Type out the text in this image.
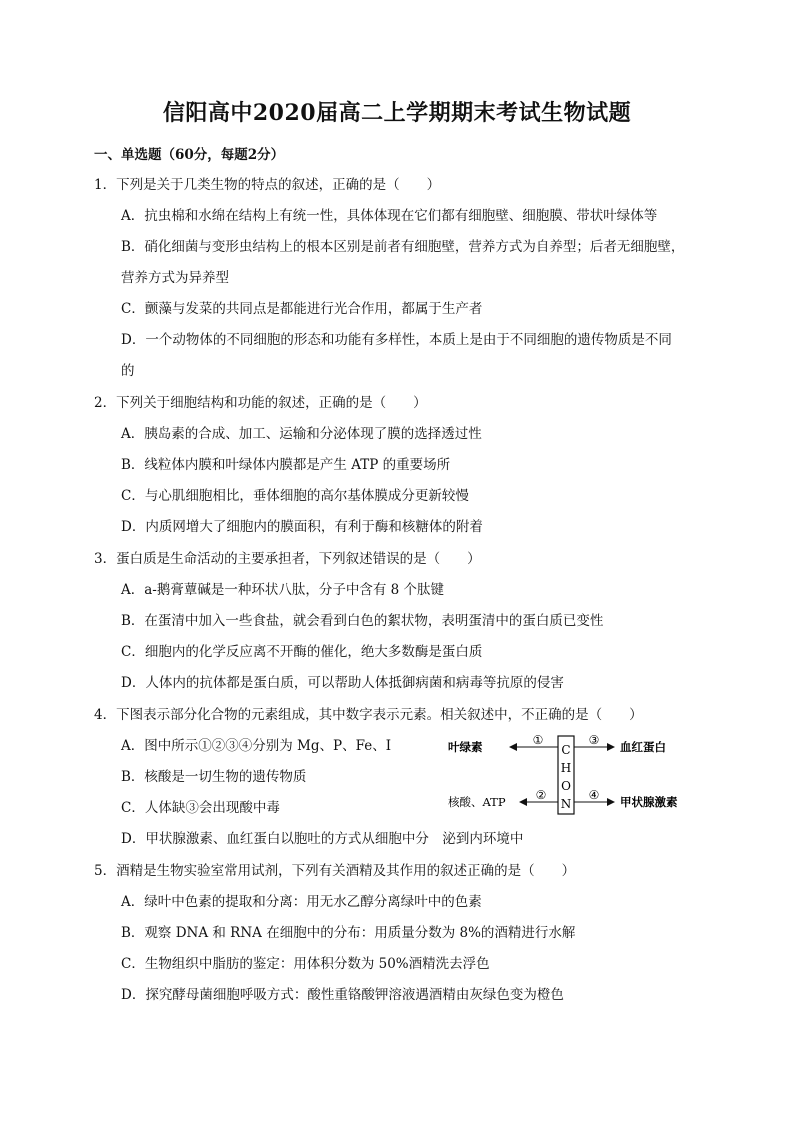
信阳高中2020届高二上学期期末考试生物试题
一、单选题（60分，每题2分）
1．下列是关于几类生物的特点的叙述，正确的是（　　）
A．抗虫棉和水绵在结构上有统一性，具体体现在它们都有细胞壁、细胞膜、带状叶绿体等
B．硝化细菌与变形虫结构上的根本区别是前者有细胞壁，营养方式为自养型；后者无细胞壁，
营养方式为异养型
C．颤藻与发菜的共同点是都能进行光合作用，都属于生产者
D．一个动物体的不同细胞的形态和功能有多样性，本质上是由于不同细胞的遗传物质是不同
的
2．下列关于细胞结构和功能的叙述，正确的是（　　）
A．胰岛素的合成、加工、运输和分泌体现了膜的选择透过性
B．线粒体内膜和叶绿体内膜都是产生 ATP 的重要场所
C．与心肌细胞相比，垂体细胞的高尔基体膜成分更新较慢
D．内质网增大了细胞内的膜面积，有利于酶和核糖体的附着
3．蛋白质是生命活动的主要承担者，下列叙述错误的是（　　）
A．a-鹅膏蕈碱是一种环状八肽，分子中含有 8 个肽键
B．在蛋清中加入一些食盐，就会看到白色的絮状物，表明蛋清中的蛋白质已变性
C．细胞内的化学反应离不开酶的催化，绝大多数酶是蛋白质
D．人体内的抗体都是蛋白质，可以帮助人体抵御病菌和病毒等抗原的侵害
4．下图表示部分化合物的元素组成，其中数字表示元素。相关叙述中，不正确的是（　　）
A．图中所示①②③④分别为 Mg、P、Fe、I
B．核酸是一切生物的遗传物质
C．人体缺③会出现酸中毒
D．甲状腺激素、血红蛋白以胞吐的方式从细胞中分　泌到内环境中
5．酒精是生物实验室常用试剂，下列有关酒精及其作用的叙述正确的是（　　）
A．绿叶中色素的提取和分离：用无水乙醇分离绿叶中的色素
B．观察 DNA 和 RNA 在细胞中的分布：用质量分数为 8%的酒精进行水解
C．生物组织中脂肪的鉴定：用体积分数为 50%酒精洗去浮色
D．探究酵母菌细胞呼吸方式：酸性重铬酸钾溶液遇酒精由灰绿色变为橙色
C
H
O
N
叶绿素	①	③ 血红蛋白
核酸、ATP	②	④ 甲状腺激素
